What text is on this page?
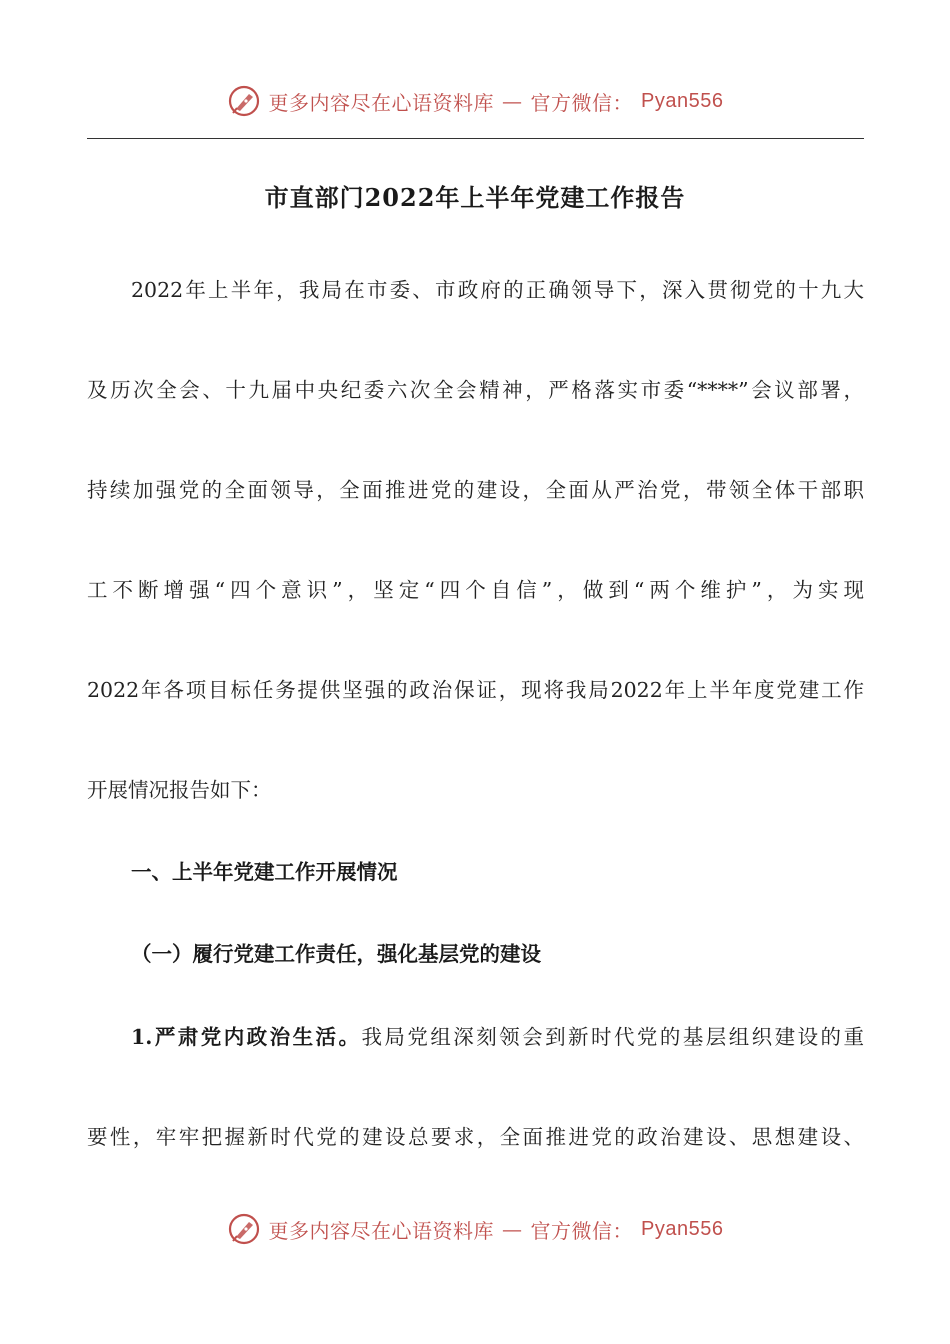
更多内容尽在心语资料库 — 官方微信： Pyan556
市直部门2022年上半年党建工作报告
2022年上半年，我局在市委、市政府的正确领导下，深入贯彻党的十九大
及历次全会、十九届中央纪委六次全会精神，严格落实市委“****”会议部署，
持续加强党的全面领导，全面推进党的建设，全面从严治党，带领全体干部职
工不断增强“四个意识”，坚定“四个自信”，做到“两个维护”，为实现
2022年各项目标任务提供坚强的政治保证，现将我局2022年上半年度党建工作
开展情况报告如下：
一、上半年党建工作开展情况
（一）履行党建工作责任，强化基层党的建设
1.严肃党内政治生活。我局党组深刻领会到新时代党的基层组织建设的重
要性，牢牢把握新时代党的建设总要求，全面推进党的政治建设、思想建设、
更多内容尽在心语资料库 — 官方微信： Pyan556
